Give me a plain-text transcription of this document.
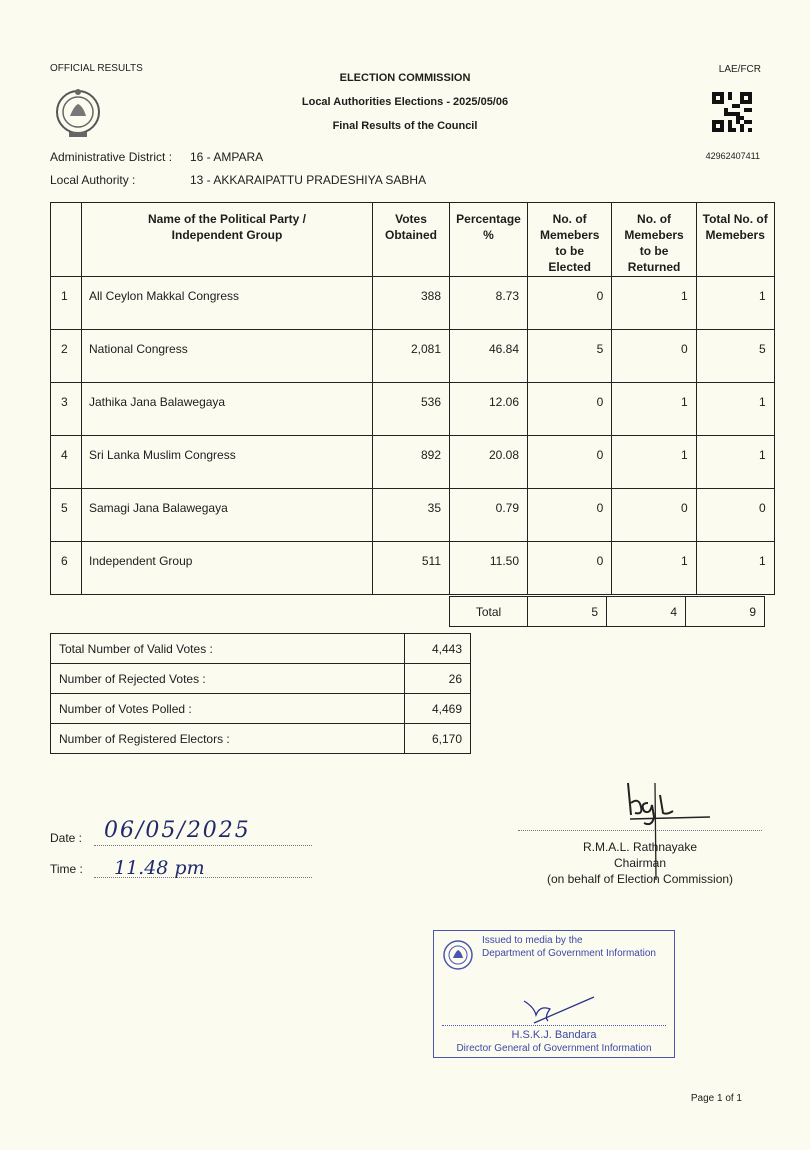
OFFICIAL RESULTS	LAE/FCR
ELECTION COMMISSION
Local Authorities Elections - 2025/05/06
Final Results of the Council
42962407411
Administrative District : 16 - AMPARA
Local Authority :	13 - AKKARAIPATTU PRADESHIYA SABHA
	Name of the Political Party / Independent Group	Votes Obtained	Percentage %	No. of Memebers to be Elected	No. of Memebers to be Returned	Total No. of Memebers
1	All Ceylon Makkal Congress	388	8.73	0	1	1
2	National Congress	2,081	46.84	5	0	5
3	Jathika Jana Balawegaya	536	12.06	0	1	1
4	Sri Lanka Muslim Congress	892	20.08	0	1	1
5	Samagi Jana Balawegaya	35	0.79	0	0	0
6	Independent Group	511	11.50	0	1	1
Total	5	4	9
Total Number of Valid Votes :	4,443
Number of Rejected Votes :	26
Number of Votes Polled :	4,469
Number of Registered Electors :	6,170
Date : 06/05/2025
Time : 11.48 pm
R.M.A.L. Rathnayake
Chairman
(on behalf of Election Commission)
Issued to media by the
Department of Government Information
H.S.K.J. Bandara
Director General of Government Information
Page 1 of 1
